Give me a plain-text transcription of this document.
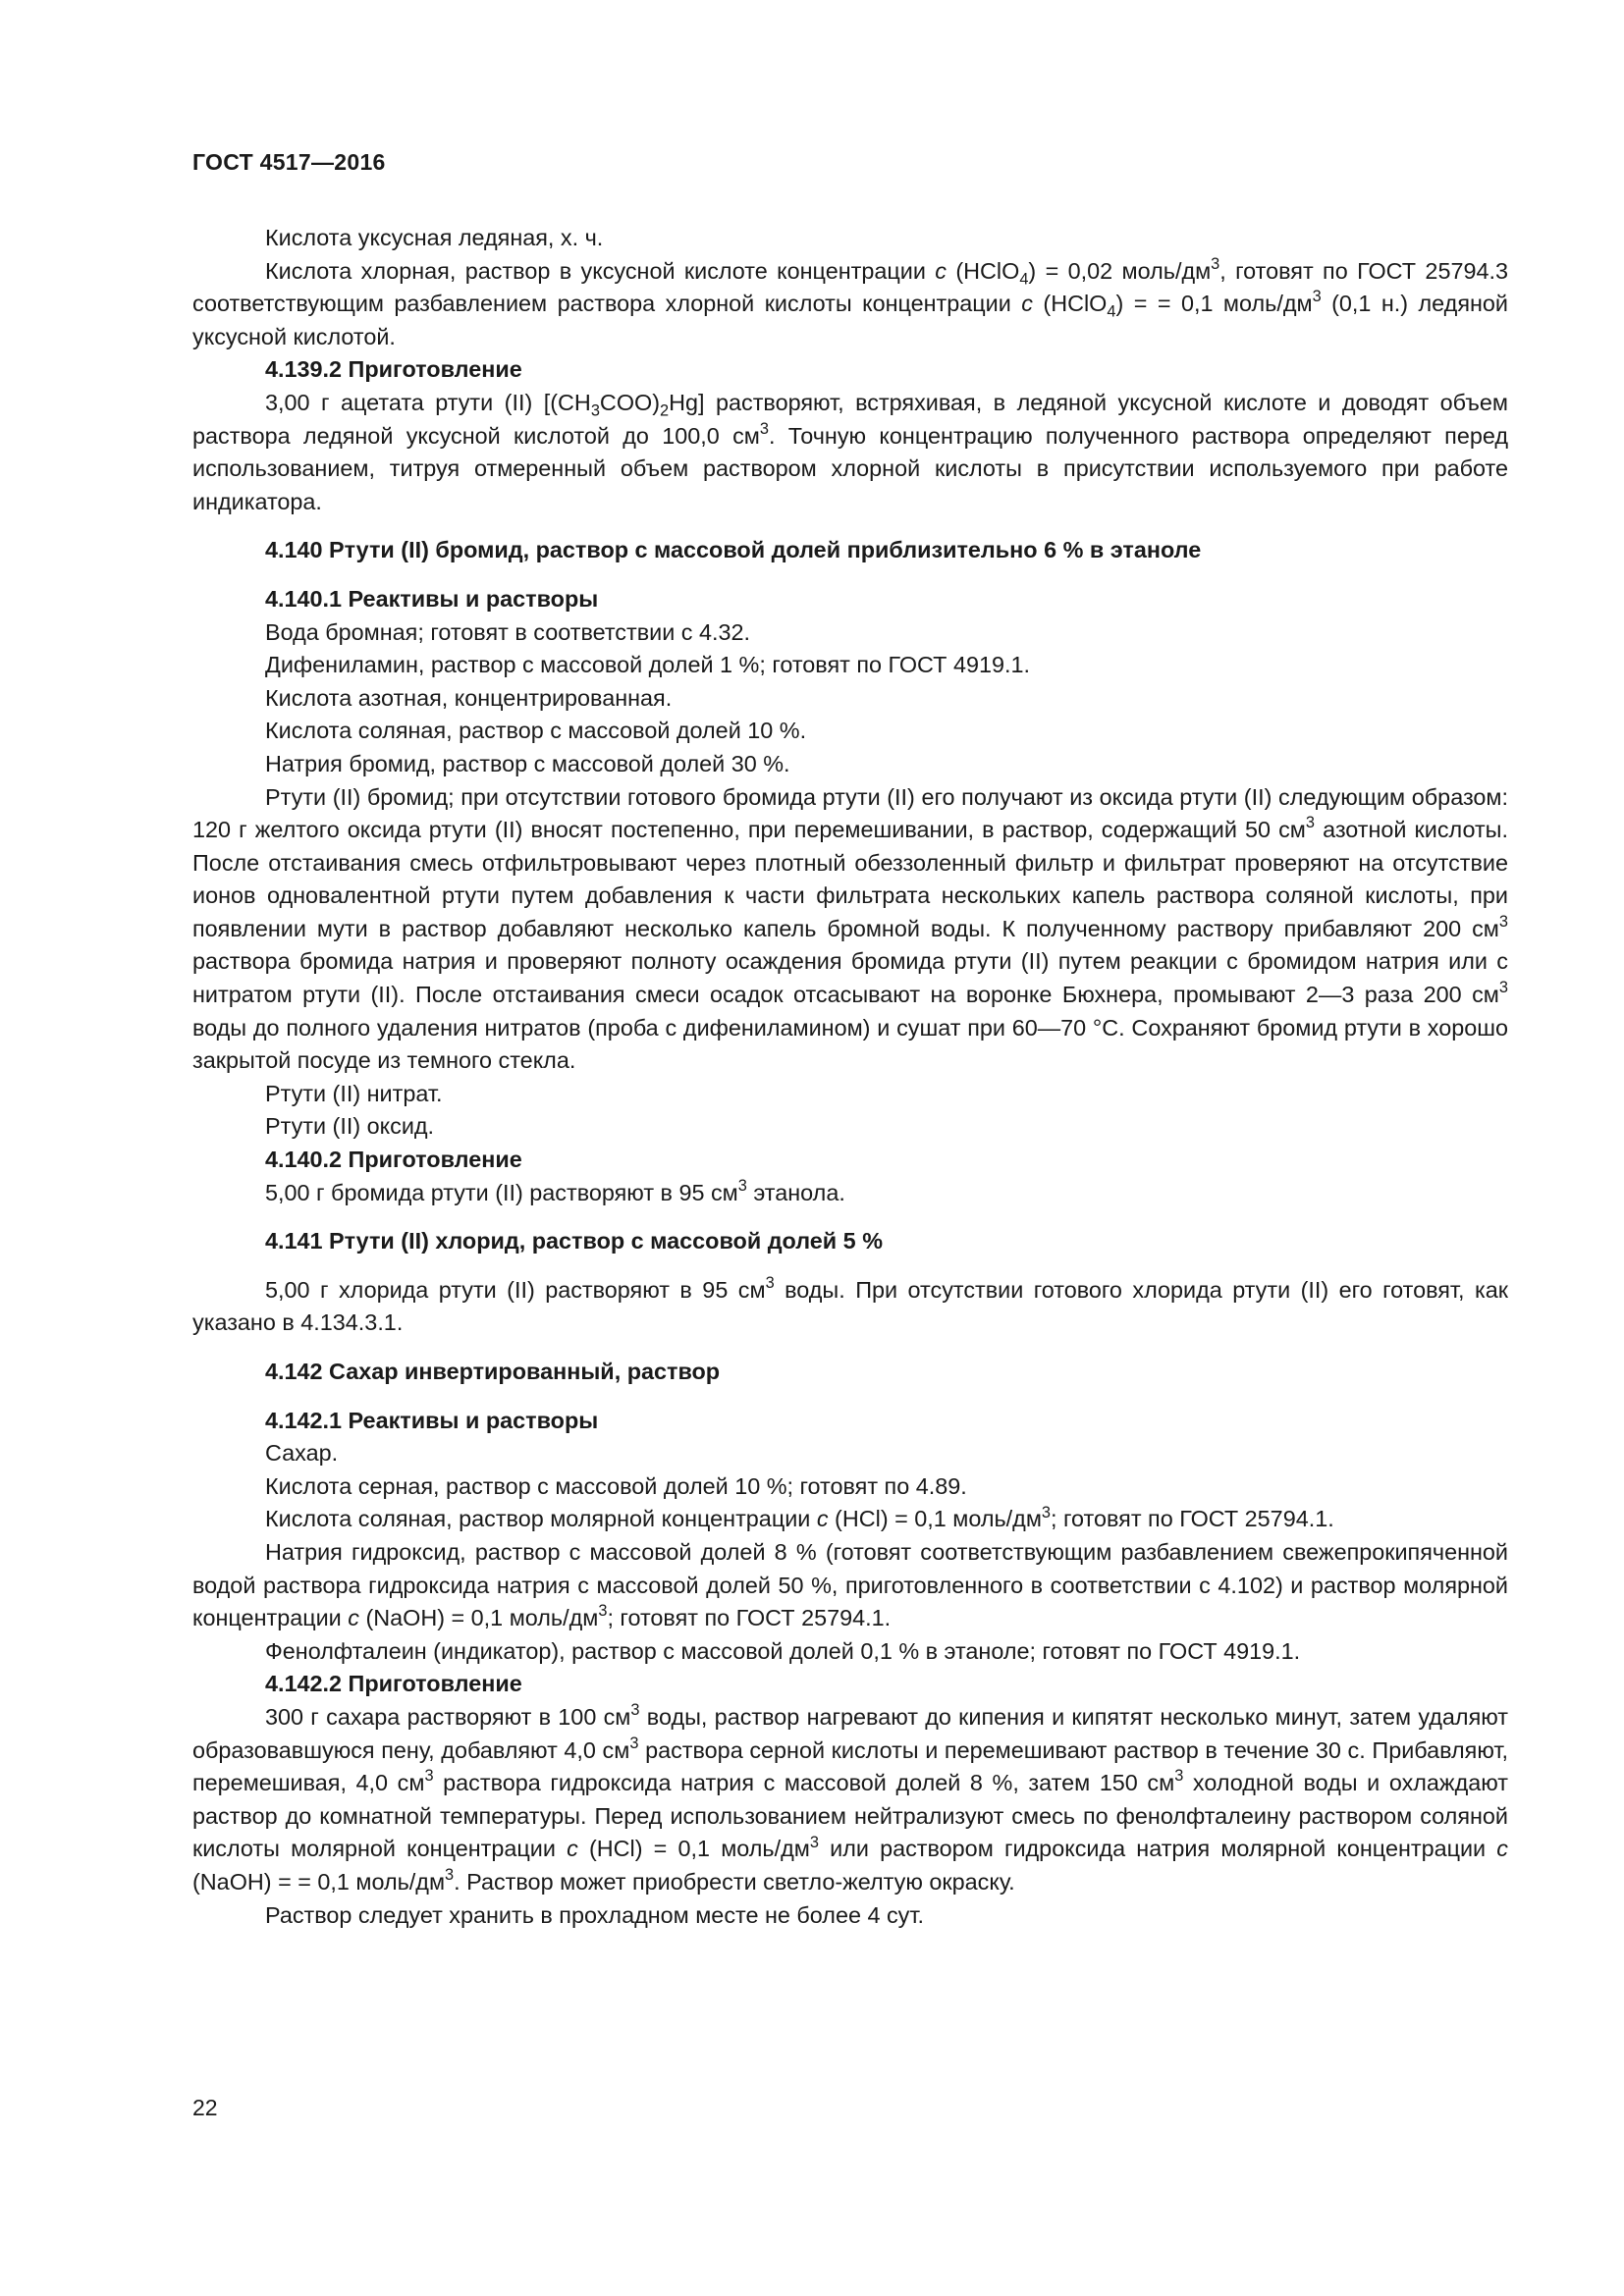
ГОСТ 4517—2016

Кислота уксусная ледяная, х. ч.

Кислота хлорная, раствор в уксусной кислоте концентрации c (HClO$_4$) = 0,02 моль/$дм^3$, готовят по ГОСТ 25794.3 соответствующим разбавлением раствора хлорной кислоты концентрации c (HClO$_4$) = = 0,1 моль/$дм^3$ (0,1 н.) ледяной уксусной кислотой.

4.139.2 Приготовление

3,00 г ацетата ртути (II) $[(CH_3COO)_2Hg]$ растворяют, встряхивая, в ледяной уксусной кислоте и доводят объем раствора ледяной уксусной кислотой до 100,0 $см^3$. Точную концентрацию полученного раствора определяют перед использованием, титруя отмеренный объем раствором хлорной кислоты в присутствии используемого при работе индикатора.

4.140 Ртути (II) бромид, раствор с массовой долей приблизительно 6 % в этаноле

4.140.1 Реактивы и растворы

Вода бромная; готовят в соответствии с 4.32.

Дифениламин, раствор с массовой долей 1 %; готовят по ГОСТ 4919.1.

Кислота азотная, концентрированная.

Кислота соляная, раствор с массовой долей 10 %.

Натрия бромид, раствор с массовой долей 30 %.

Ртути (II) бромид; при отсутствии готового бромида ртути (II) его получают из оксида ртути (II) следующим образом: 120 г желтого оксида ртути (II) вносят постепенно, при перемешивании, в раствор, содержащий 50 $см^3$ азотной кислоты. После отстаивания смесь отфильтровывают через плотный обеззоленный фильтр и фильтрат проверяют на отсутствие ионов одновалентной ртути путем добавления к части фильтрата нескольких капель раствора соляной кислоты, при появлении мути в раствор добавляют несколько капель бромной воды. К полученному раствору прибавляют 200 $см^3$ раствора бромида натрия и проверяют полноту осаждения бромида ртути (II) путем реакции с бромидом натрия или с нитратом ртути (II). После отстаивания смеси осадок отсасывают на воронке Бюхнера, промывают 2—3 раза 200 $см^3$ воды до полного удаления нитратов (проба с дифениламином) и сушат при 60—70 °С. Сохраняют бромид ртути в хорошо закрытой посуде из темного стекла.

Ртути (II) нитрат.

Ртути (II) оксид.

4.140.2 Приготовление

5,00 г бромида ртути (II) растворяют в 95 $см^3$ этанола.

4.141 Ртути (II) хлорид, раствор с массовой долей 5 %

5,00 г хлорида ртути (II) растворяют в 95 $см^3$ воды. При отсутствии готового хлорида ртути (II) его готовят, как указано в 4.134.3.1.

4.142 Сахар инвертированный, раствор

4.142.1 Реактивы и растворы

Сахар.

Кислота серная, раствор с массовой долей 10 %; готовят по 4.89.

Кислота соляная, раствор молярной концентрации c (HCl) = 0,1 моль/$дм^3$; готовят по ГОСТ 25794.1.

Натрия гидроксид, раствор с массовой долей 8 % (готовят соответствующим разбавлением свежепрокипяченной водой раствора гидроксида натрия с массовой долей 50 %, приготовленного в соответствии с 4.102) и раствор молярной концентрации c (NaOH) = 0,1 моль/$дм^3$; готовят по ГОСТ 25794.1.

Фенолфталеин (индикатор), раствор с массовой долей 0,1 % в этаноле; готовят по ГОСТ 4919.1.

4.142.2 Приготовление

300 г сахара растворяют в 100 $см^3$ воды, раствор нагревают до кипения и кипятят несколько минут, затем удаляют образовавшуюся пену, добавляют 4,0 $см^3$ раствора серной кислоты и перемешивают раствор в течение 30 с. Прибавляют, перемешивая, 4,0 $см^3$ раствора гидроксида натрия с массовой долей 8 %, затем 150 $см^3$ холодной воды и охлаждают раствор до комнатной температуры. Перед использованием нейтрализуют смесь по фенолфталеину раствором соляной кислоты молярной концентрации c (HCl) = 0,1 моль/$дм^3$ или раствором гидроксида натрия молярной концентрации c (NaOH) = = 0,1 моль/$дм^3$. Раствор может приобрести светло-желтую окраску.

Раствор следует хранить в прохладном месте не более 4 сут.

22
